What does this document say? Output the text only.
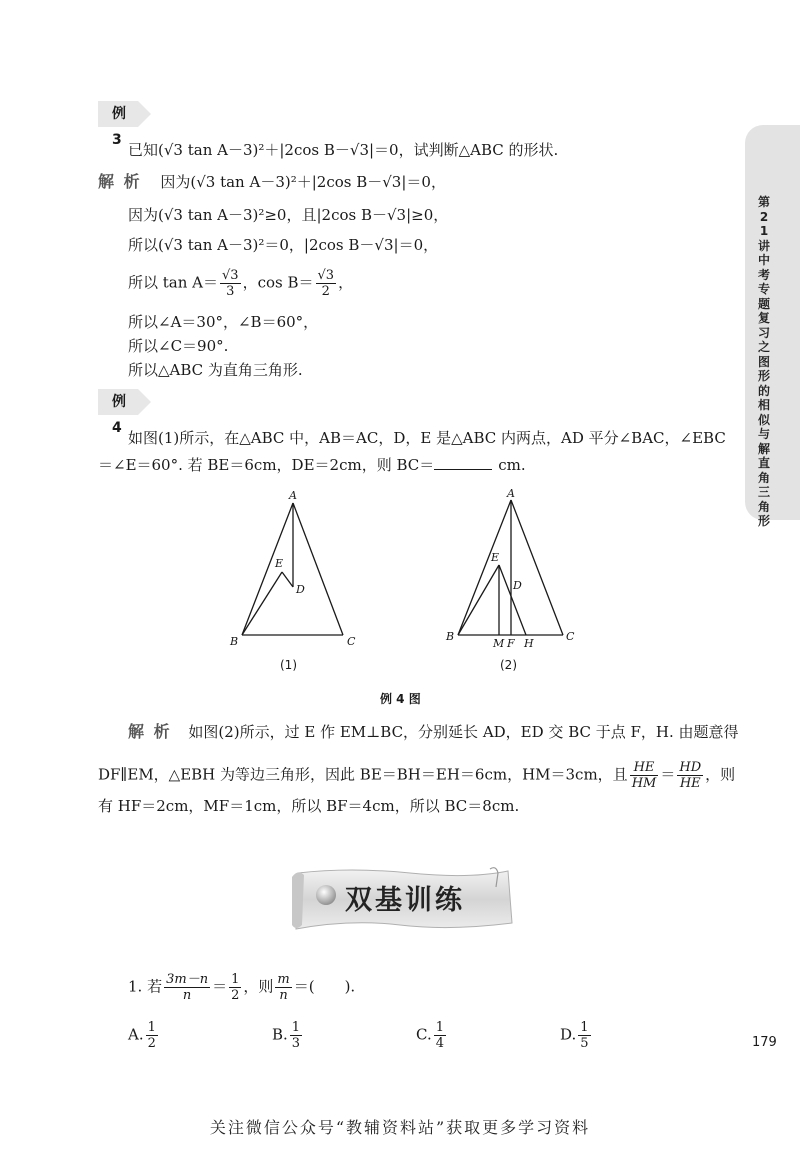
例 3
已知(√3 tan A－3)²＋|2cos B－√3|＝0，试判断△ABC 的形状.
解 析 因为(√3 tan A－3)²＋|2cos B－√3|＝0，
因为(√3 tan A－3)²≥0，且|2cos B－√3|≥0，
所以(√3 tan A－3)²＝0，|2cos B－√3|＝0，
所以 $\tan A= \frac{√3}{3}$ ，$\cos B= \frac{√3}{2}$ ，
所以∠A＝30°，∠B＝60°，
所以∠C＝90°.
所以△ABC 为直角三角形.
例 4
如图(1)所示，在△ABC 中，AB＝AC，D，E 是△ABC 内两点，AD 平分∠BAC，∠EBC
＝∠E＝60°. 若 BE＝6cm，DE＝2cm，则 BC＝	cm.
A
B	C
D
E
(1)
A
B	C
D
E
M F H
(2)
例 4 图
解 析 如图(2)所示，过 E 作 EM⊥BC，分别延长 AD，ED 交 BC 于点 F，H. 由题意得
DF∥EM，△EBH 为等边三角形，因此 BE＝BH＝EH＝6cm，HM＝3cm，且 $\frac{HE}{HM} = \frac{HD}{HE}$ ，则
有 HF＝2cm，MF＝1cm，所以 BF＝4cm，所以 BC＝8cm.
第21讲 中考专题复习之图形的相似与解直角三角形
双基训练
1. 若 $\frac{3m-n}{n} = \frac{1}{2}$ ，则 $\frac{m}{n}$ ＝(　　).
A. $\frac{1}{2}$	B. $\frac{1}{3}$	C. $\frac{1}{4}$	D. $\frac{1}{5}$	179
关注微信公众号“教辅资料站”获取更多学习资料
